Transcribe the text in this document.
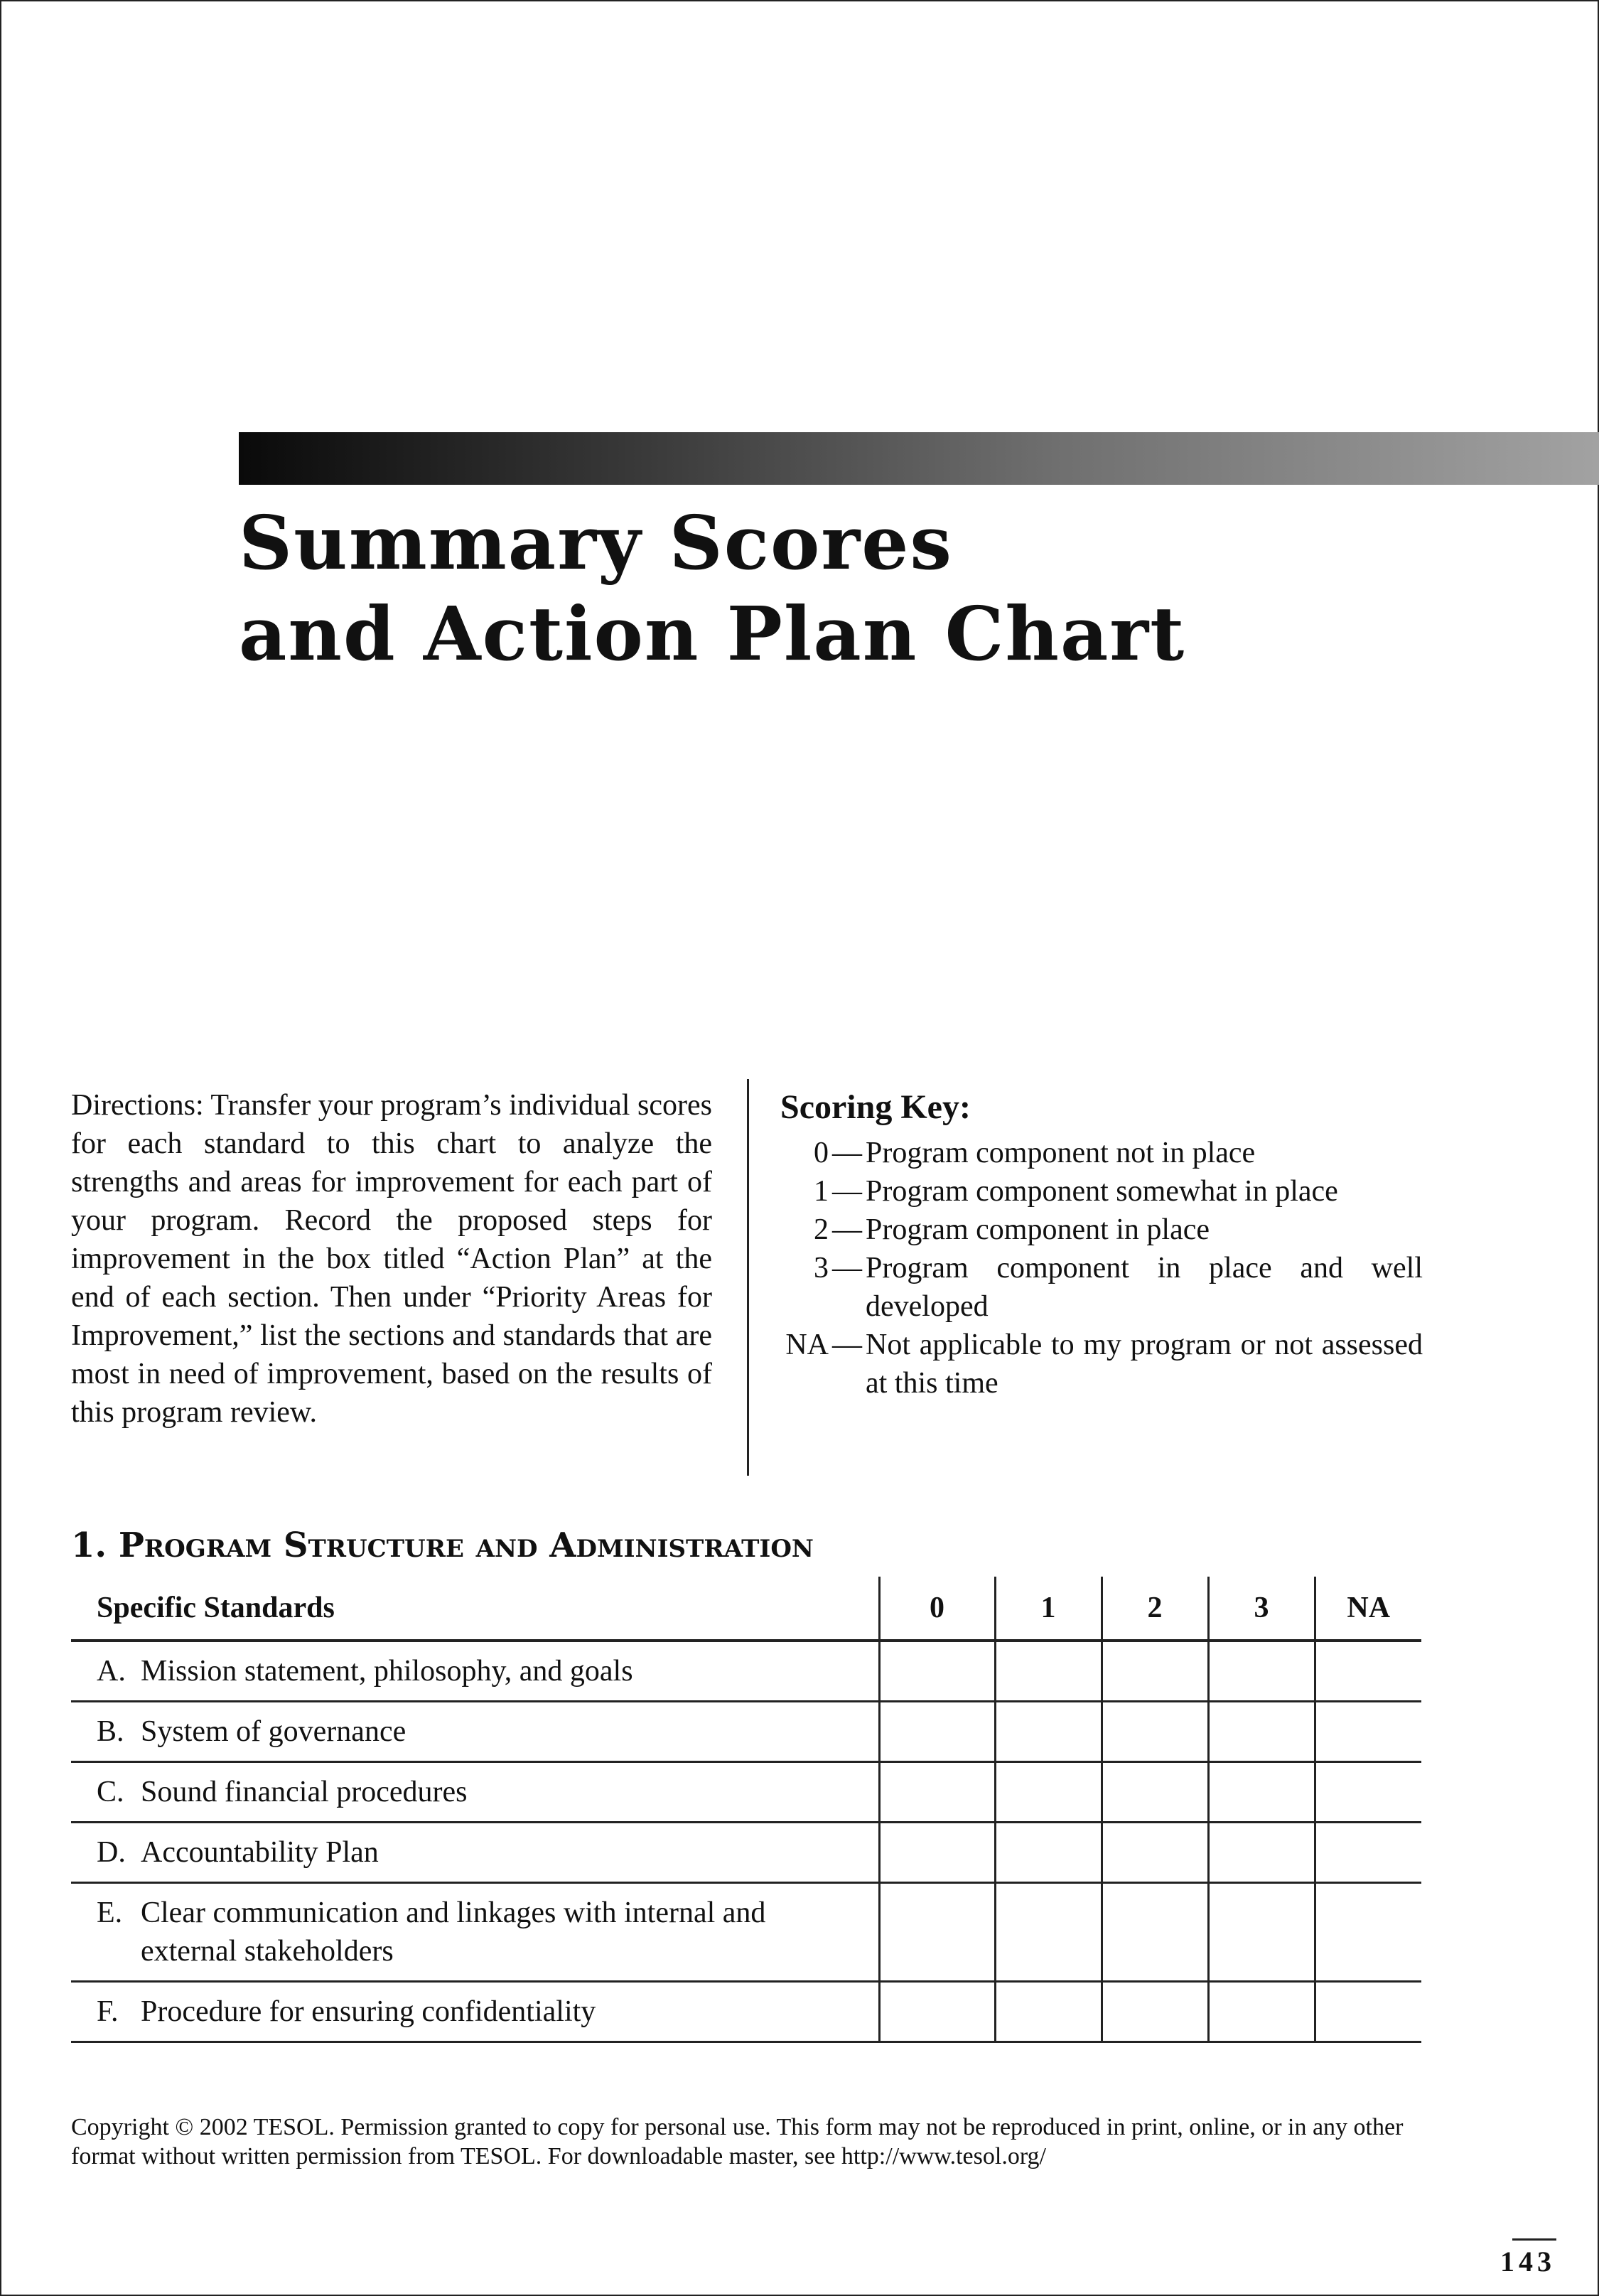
Summary Scores
and Action Plan Chart

Directions: Transfer your program’s individual scores for each standard to this chart to analyze the strengths and areas for improvement for each part of your program. Record the proposed steps for improvement in the box titled “Action Plan” at the end of each section. Then under “Priority Areas for Improvement,” list the sections and standards that are most in need of improvement, based on the results of this program review.

Scoring Key:
0 — Program component not in place
1 — Program component somewhat in place
2 — Program component in place
3 — Program component in place and well developed
NA — Not applicable to my program or not assessed at this time
1. Program Structure and Administration
Specific Standards	0	1	2	3	NA

A. Mission statement, philosophy, and goals					

B. System of governance					

C. Sound financial procedures					

D. Accountability Plan					

E. Clear communication and linkages with internal and external stakeholders					

F. Procedure for ensuring confidentiality					

Copyright © 2002 TESOL. Permission granted to copy for personal use. This form may not be reproduced in print, online, or in any other format without written permission from TESOL. For downloadable master, see http://www.tesol.org/

143
